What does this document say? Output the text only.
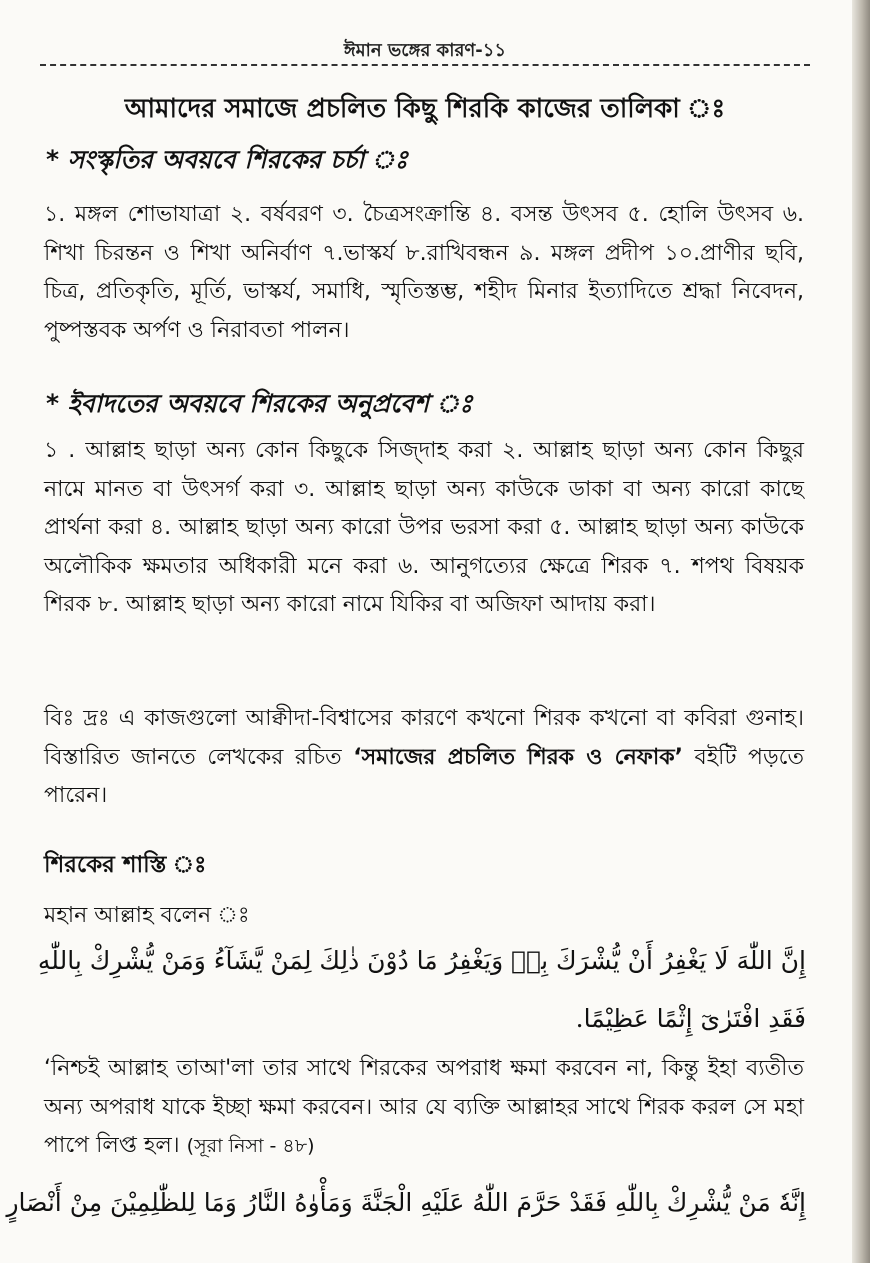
ঈমান ভঙ্গের কারণ-১১
আমাদের সমাজে প্রচলিত কিছু শিরকি কাজের তালিকা ঃ
* সংস্কৃতির অবয়বে শিরকের চর্চা ঃ
১. মঙ্গল শোভাযাত্রা ২. বর্ষবরণ ৩. চৈত্রসংক্রান্তি ৪. বসন্ত উৎসব ৫. হোলি উৎসব ৬. শিখা চিরন্তন ও শিখা অনির্বাণ ৭.ভাস্কর্য ৮.রাখিবন্ধন ৯. মঙ্গল প্রদীপ ১০.প্রাণীর ছবি, চিত্র, প্রতিকৃতি, মূর্তি, ভাস্কর্য, সমাধি, স্মৃতিস্তম্ভ, শহীদ মিনার ইত্যাদিতে শ্রদ্ধা নিবেদন, পুষ্পস্তবক অর্পণ ও নিরাবতা পালন।
* ইবাদতের অবয়বে শিরকের অনুপ্রবেশ ঃ
১ . আল্লাহ ছাড়া অন্য কোন কিছুকে সিজ্‌দাহ করা ২. আল্লাহ ছাড়া অন্য কোন কিছুর নামে মানত বা উৎসর্গ করা ৩. আল্লাহ ছাড়া অন্য কাউকে ডাকা বা অন্য কারো কাছে প্রার্থনা করা ৪. আল্লাহ ছাড়া অন্য কারো উপর ভরসা করা ৫. আল্লাহ ছাড়া অন্য কাউকে অলৌকিক ক্ষমতার অধিকারী মনে করা ৬. আনুগত্যের ক্ষেত্রে শিরক ৭. শপথ বিষয়ক শিরক ৮. আল্লাহ ছাড়া অন্য কারো নামে যিকির বা অজিফা আদায় করা।
বিঃ দ্রঃ এ কাজগুলো আক্বীদা-বিশ্বাসের কারণে কখনো শিরক কখনো বা কবিরা গুনাহ। বিস্তারিত জানতে লেখকের রচিত ‘সমাজের প্রচলিত শিরক ও নেফাক’ বইটি পড়তে পারেন।
শিরকের শাস্তি ঃ
মহান আল্লাহ বলেন ঃ
إِنَّ اللّٰهَ لَا يَغْفِرُ أَنْ يُّشْرَكَ بِهٖ وَيَغْفِرُ مَا دُوْنَ ذٰلِكَ لِمَنْ يَّشَآءُ وَمَنْ يُّشْرِكْ بِاللّٰهِ
فَقَدِ افْتَرٰىٓ إِثْمًا عَظِيْمًا.
‘নিশ্চই আল্লাহ তাআ'লা তার সাথে শিরকের অপরাধ ক্ষমা করবেন না, কিন্তু ইহা ব্যতীত অন্য অপরাধ যাকে ইচ্ছা ক্ষমা করবেন। আর যে ব্যক্তি আল্লাহর সাথে শিরক করল সে মহা পাপে লিপ্ত হল। (সূরা নিসা - ৪৮)
إِنَّهٗ مَنْ يُّشْرِكْ بِاللّٰهِ فَقَدْ حَرَّمَ اللّٰهُ عَلَيْهِ الْجَنَّةَ وَمَأْوٰهُ النَّارُ وَمَا لِلظّٰلِمِيْنَ مِنْ أَنْصَارٍ
